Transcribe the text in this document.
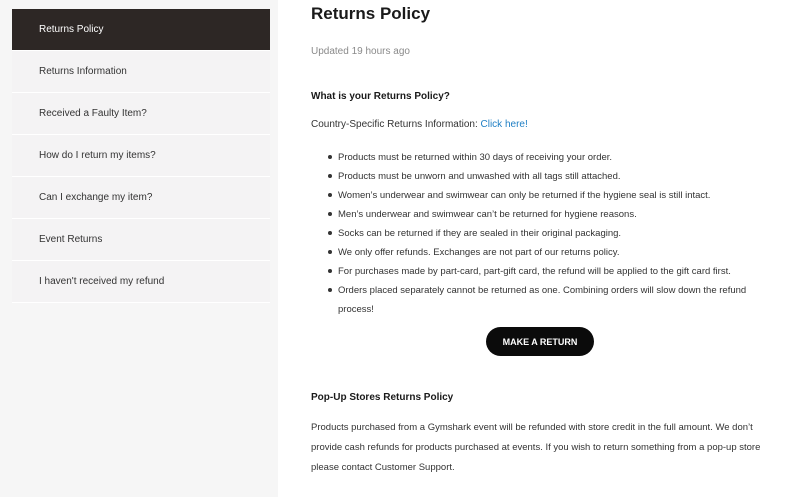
Returns Policy
Returns Information
Received a Faulty Item?
How do I return my items?
Can I exchange my item?
Event Returns
I haven't received my refund
Returns Policy
Updated 19 hours ago
What is your Returns Policy?
Country-Specific Returns Information: Click here!
Products must be returned within 30 days of receiving your order.
Products must be unworn and unwashed with all tags still attached.
Women’s underwear and swimwear can only be returned if the hygiene seal is still intact.
Men’s underwear and swimwear can’t be returned for hygiene reasons.
Socks can be returned if they are sealed in their original packaging.
We only offer refunds. Exchanges are not part of our returns policy.
For purchases made by part-card, part-gift card, the refund will be applied to the gift card first.
Orders placed separately cannot be returned as one. Combining orders will slow down the refund process!
MAKE A RETURN
Pop-Up Stores Returns Policy

Products purchased from a Gymshark event will be refunded with store credit in the full amount. We don’t provide cash refunds for products purchased at events. If you wish to return something from a pop-up store please contact Customer Support.
